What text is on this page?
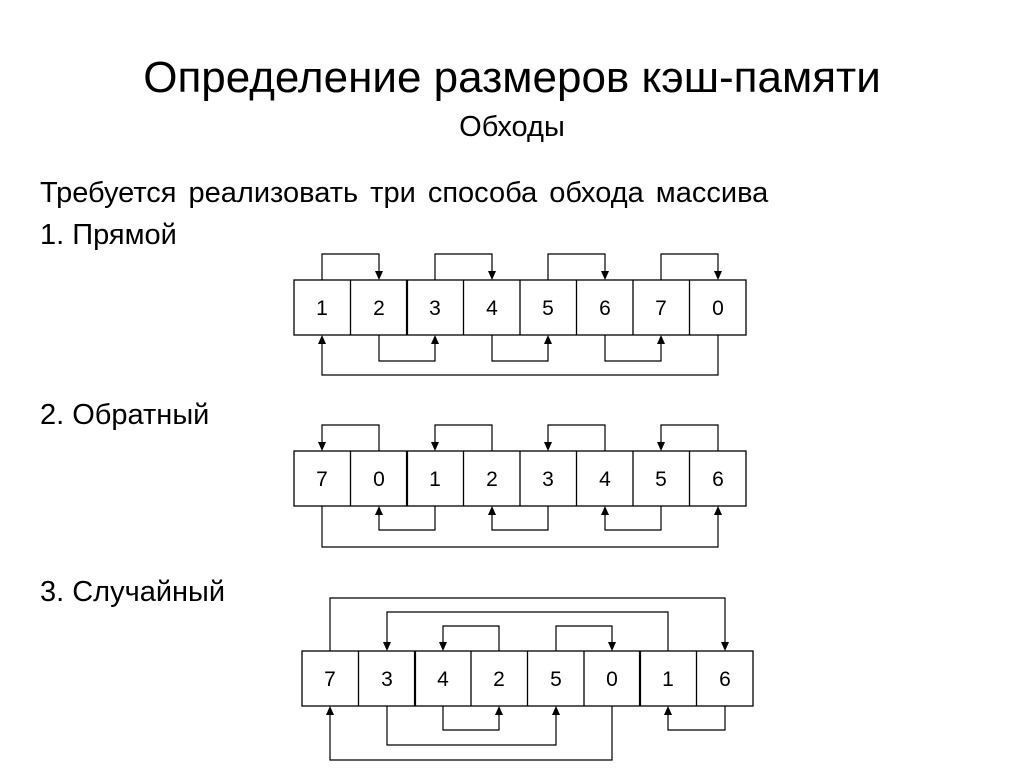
Определение размеров кэш-памяти
Обходы
Требуется реализовать три способа обхода массива
1. Прямой
2. Обратный
3. Случайный
1 2 3 4 5 6 7 0
7 0 1 2 3 4 5 6
7 3 4 2 5 0 1 6
